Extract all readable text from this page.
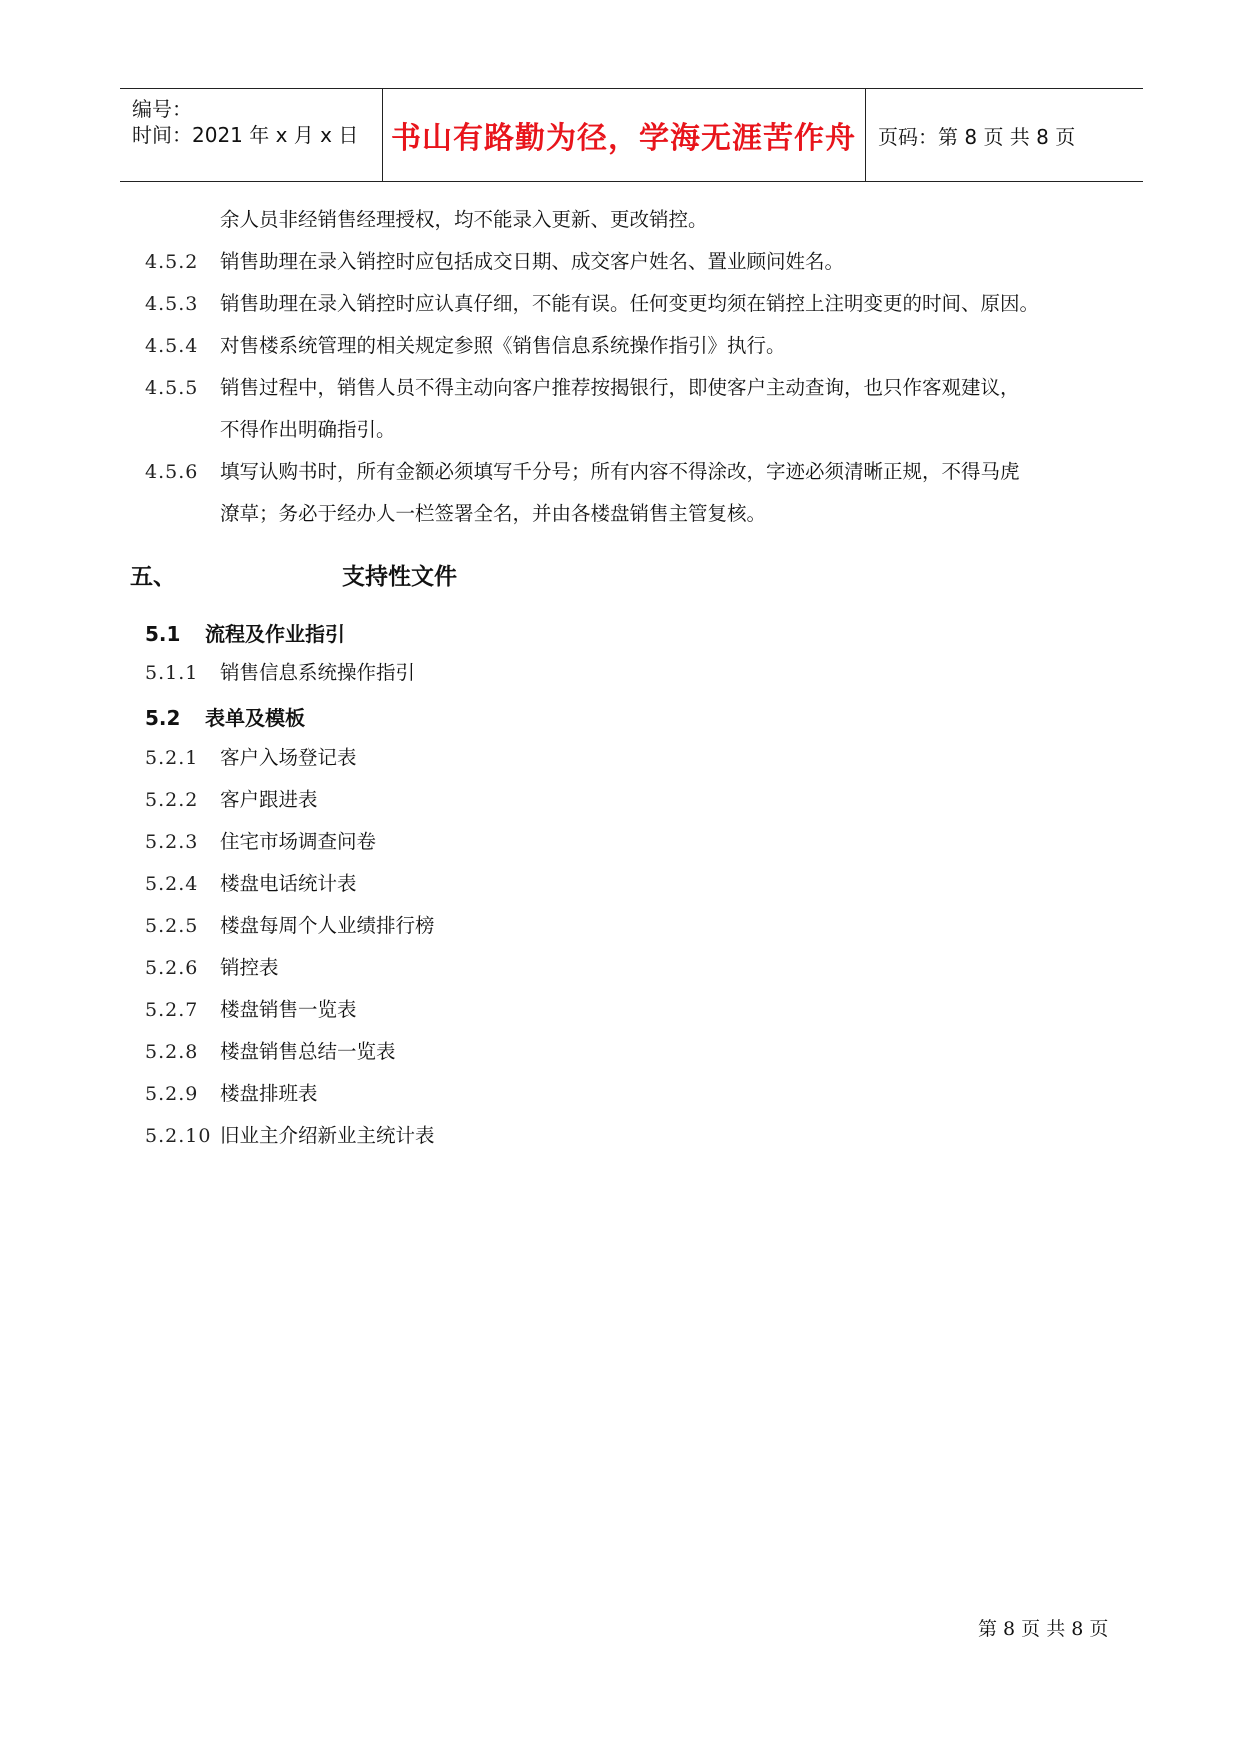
编号：
时间：2021 年 x 月 x 日 书山有路勤为径，学海无涯苦作舟	页码：第 8 页 共 8 页
余人员非经销售经理授权，均不能录入更新、更改销控。
4.5.2 销售助理在录入销控时应包括成交日期、成交客户姓名、置业顾问姓名。
4.5.3 销售助理在录入销控时应认真仔细，不能有误。任何变更均须在销控上注明变更的时间、原因。
4.5.4 对售楼系统管理的相关规定参照《销售信息系统操作指引》执行。
4.5.5 销售过程中，销售人员不得主动向客户推荐按揭银行，即使客户主动查询，也只作客观建议，
不得作出明确指引。
4.5.6 填写认购书时，所有金额必须填写千分号；所有内容不得涂改，字迹必须清晰正规，不得马虎
潦草；务必于经办人一栏签署全名，并由各楼盘销售主管复核。
五、	支持性文件
5.1 流程及作业指引
5.1.1 销售信息系统操作指引
5.2 表单及模板
5.2.1 客户入场登记表
5.2.2 客户跟进表
5.2.3 住宅市场调查问卷
5.2.4 楼盘电话统计表
5.2.5 楼盘每周个人业绩排行榜
5.2.6 销控表
5.2.7 楼盘销售一览表
5.2.8 楼盘销售总结一览表
5.2.9 楼盘排班表
5.2.10 旧业主介绍新业主统计表
第 8 页 共 8 页
